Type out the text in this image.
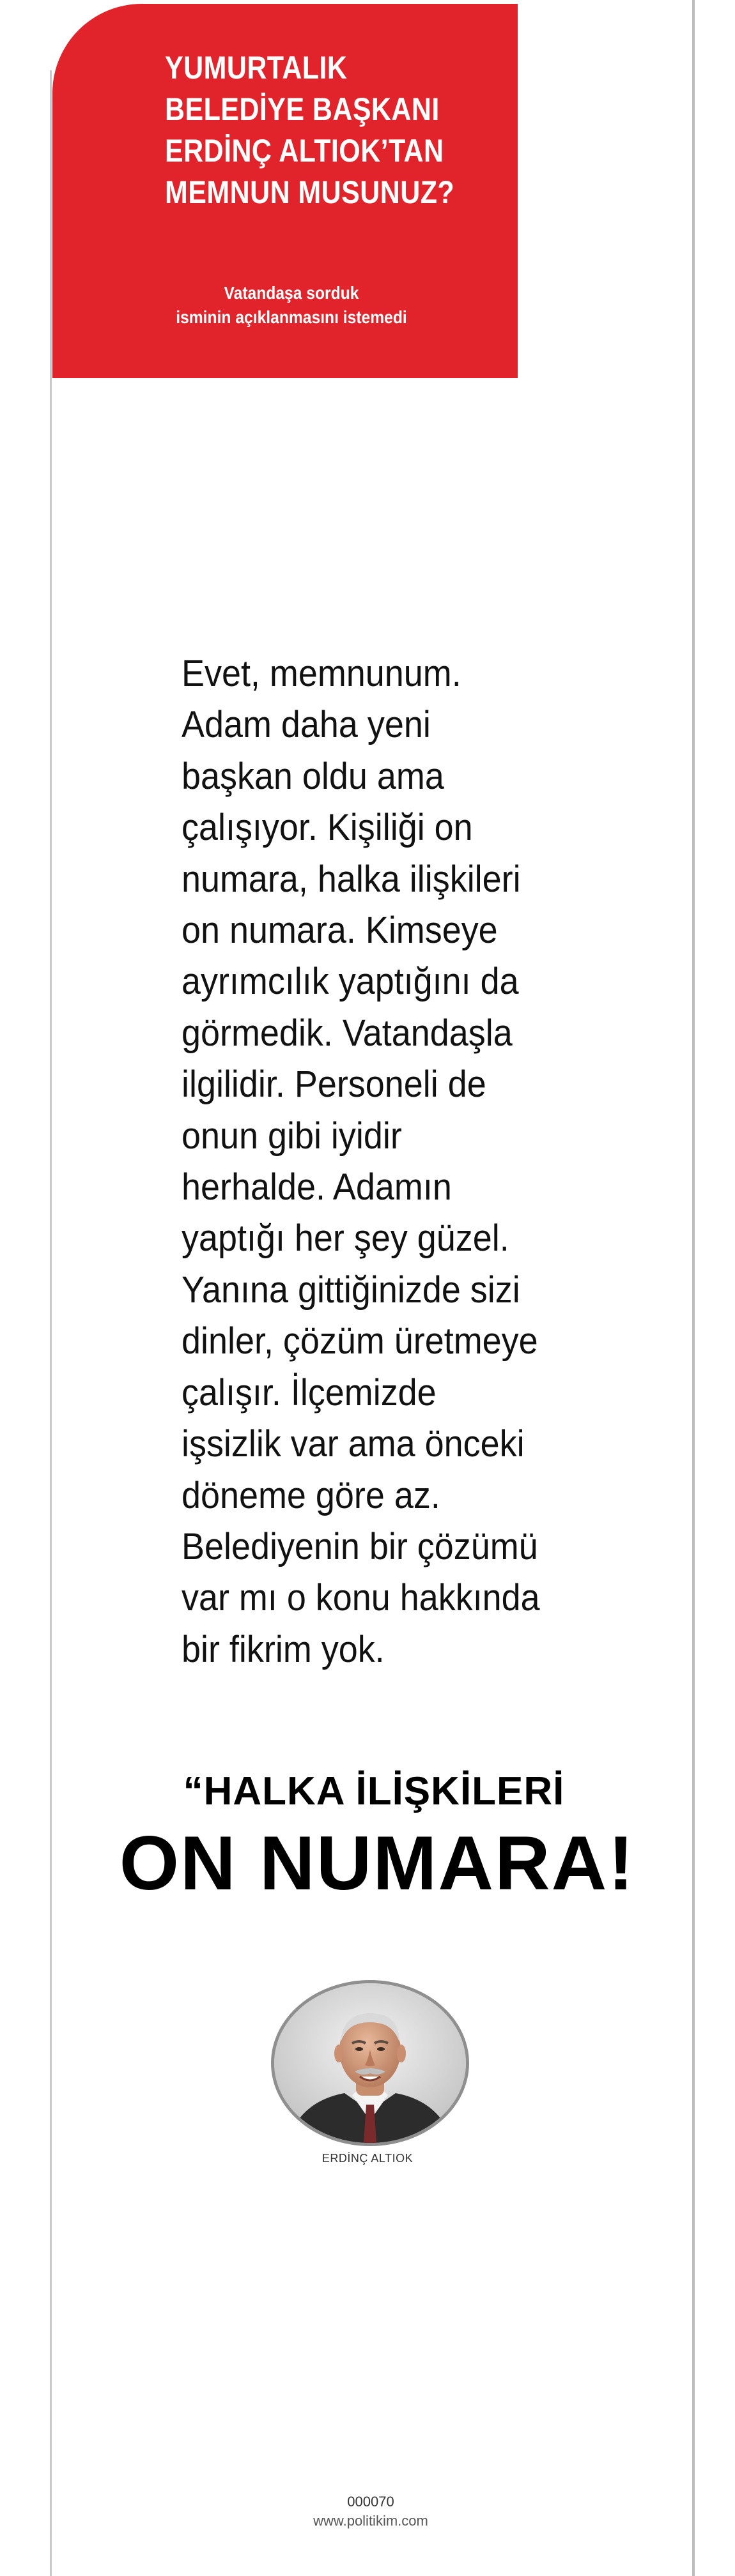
YUMURTALIK
BELEDİYE BAŞKANI
ERDİNÇ ALTIOK’TAN
MEMNUN MUSUNUZ?
Vatandaşa sorduk
isminin açıklanmasını istemedi
Evet, memnunum.
Adam daha yeni
başkan oldu ama
çalışıyor. Kişiliği on
numara, halka ilişkileri
on numara. Kimseye
ayrımcılık yaptığını da
görmedik. Vatandaşla
ilgilidir. Personeli de
onun gibi iyidir
herhalde. Adamın
yaptığı her şey güzel.
Yanına gittiğinizde sizi
dinler, çözüm üretmeye
çalışır. İlçemizde
işsizlik var ama önceki
döneme göre az.
Belediyenin bir çözümü
var mı o konu hakkında
bir fikrim yok.
“HALKA İLİŞKİLERİ
ON NUMARA!
ERDİNÇ ALTIOK
000070
www.politikim.com
